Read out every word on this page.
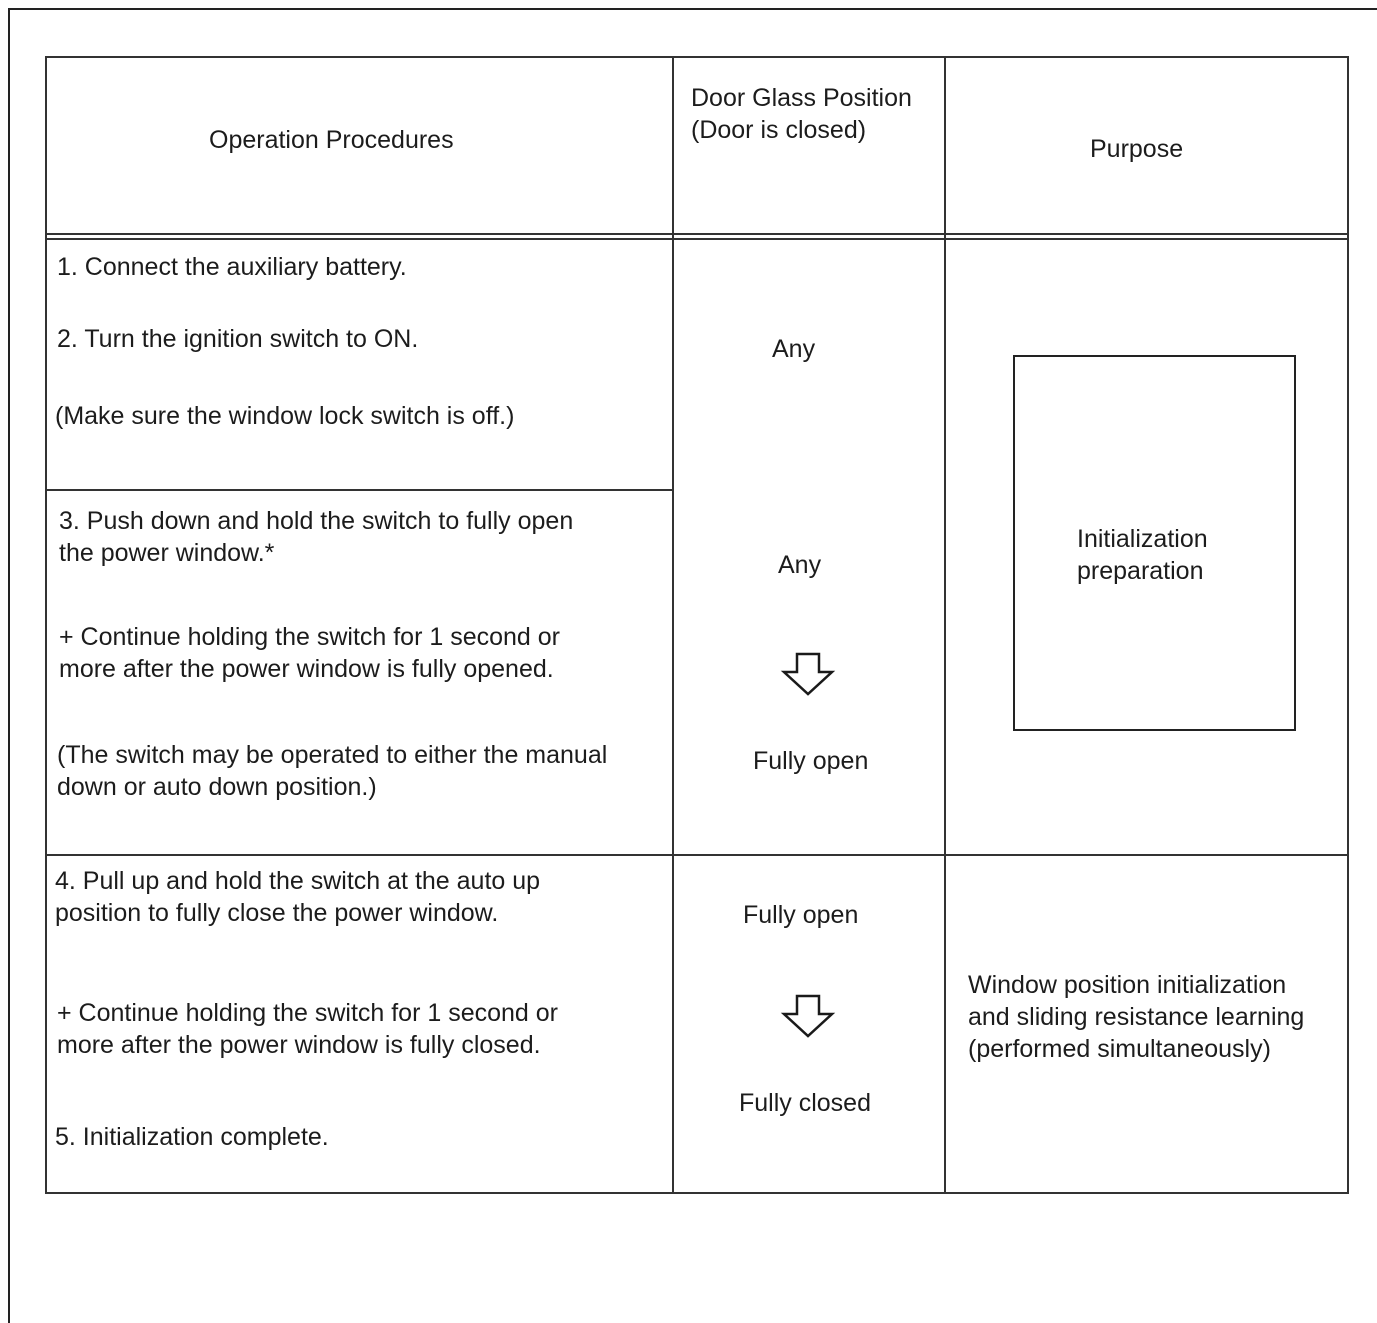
Operation Procedures
Door Glass Position
(Door is closed)
Purpose
1. Connect the auxiliary battery.
2. Turn the ignition switch to ON.
(Make sure the window lock switch is off.)
Any
3. Push down and hold the switch to fully open
the power window.*
+ Continue holding the switch for 1 second or
more after the power window is fully opened.
(The switch may be operated to either the manual
down or auto down position.)
Any
Fully open
Initialization
preparation
4. Pull up and hold the switch at the auto up
position to fully close the power window.
+ Continue holding the switch for 1 second or
more after the power window is fully closed.
5. Initialization complete.
Fully open
Fully closed
Window position initialization
and sliding resistance learning
(performed simultaneously)
